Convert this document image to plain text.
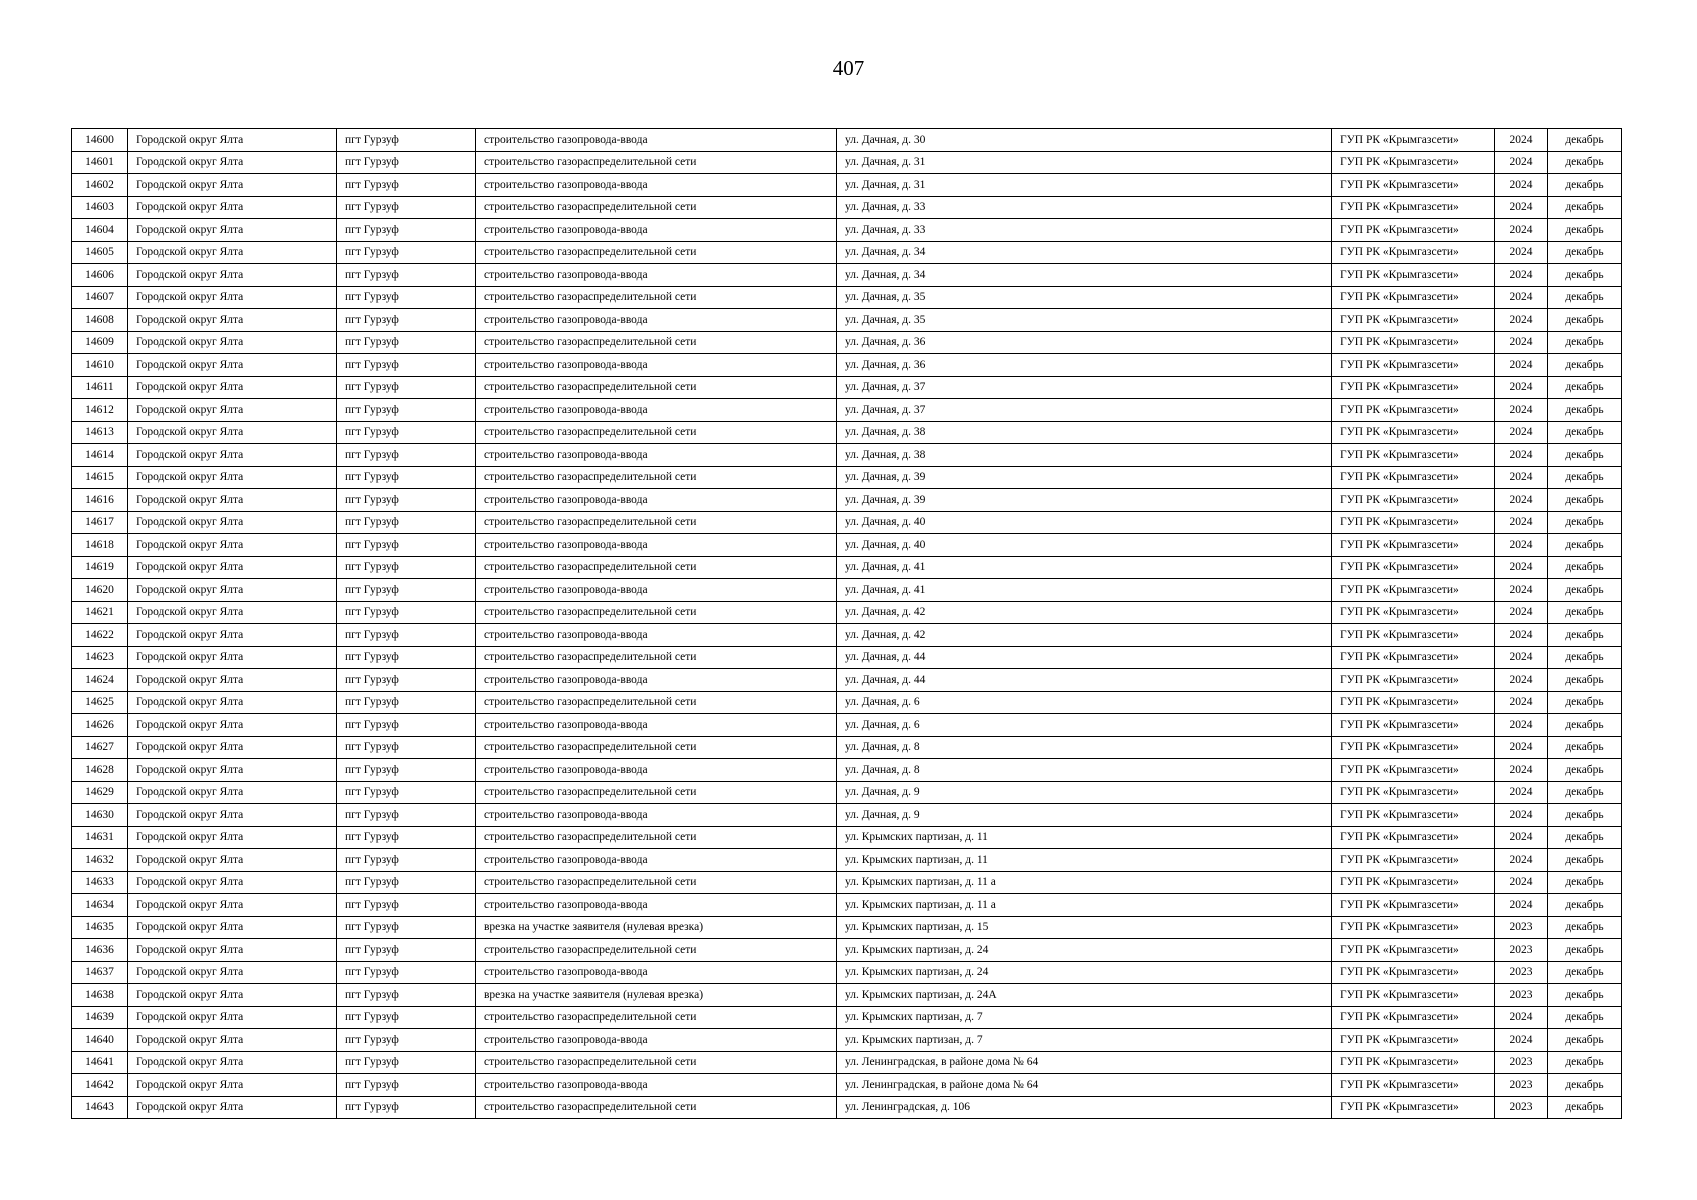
407
14600	Городской округ Ялта	пгт Гурзуф	строительство газопровода-ввода	ул. Дачная, д. 30	ГУП РК «Крымгазсети»	2024	декабрь
14601	Городской округ Ялта	пгт Гурзуф	строительство газораспределительной сети	ул. Дачная, д. 31	ГУП РК «Крымгазсети»	2024	декабрь
14602	Городской округ Ялта	пгт Гурзуф	строительство газопровода-ввода	ул. Дачная, д. 31	ГУП РК «Крымгазсети»	2024	декабрь
14603	Городской округ Ялта	пгт Гурзуф	строительство газораспределительной сети	ул. Дачная, д. 33	ГУП РК «Крымгазсети»	2024	декабрь
14604	Городской округ Ялта	пгт Гурзуф	строительство газопровода-ввода	ул. Дачная, д. 33	ГУП РК «Крымгазсети»	2024	декабрь
14605	Городской округ Ялта	пгт Гурзуф	строительство газораспределительной сети	ул. Дачная, д. 34	ГУП РК «Крымгазсети»	2024	декабрь
14606	Городской округ Ялта	пгт Гурзуф	строительство газопровода-ввода	ул. Дачная, д. 34	ГУП РК «Крымгазсети»	2024	декабрь
14607	Городской округ Ялта	пгт Гурзуф	строительство газораспределительной сети	ул. Дачная, д. 35	ГУП РК «Крымгазсети»	2024	декабрь
14608	Городской округ Ялта	пгт Гурзуф	строительство газопровода-ввода	ул. Дачная, д. 35	ГУП РК «Крымгазсети»	2024	декабрь
14609	Городской округ Ялта	пгт Гурзуф	строительство газораспределительной сети	ул. Дачная, д. 36	ГУП РК «Крымгазсети»	2024	декабрь
14610	Городской округ Ялта	пгт Гурзуф	строительство газопровода-ввода	ул. Дачная, д. 36	ГУП РК «Крымгазсети»	2024	декабрь
14611	Городской округ Ялта	пгт Гурзуф	строительство газораспределительной сети	ул. Дачная, д. 37	ГУП РК «Крымгазсети»	2024	декабрь
14612	Городской округ Ялта	пгт Гурзуф	строительство газопровода-ввода	ул. Дачная, д. 37	ГУП РК «Крымгазсети»	2024	декабрь
14613	Городской округ Ялта	пгт Гурзуф	строительство газораспределительной сети	ул. Дачная, д. 38	ГУП РК «Крымгазсети»	2024	декабрь
14614	Городской округ Ялта	пгт Гурзуф	строительство газопровода-ввода	ул. Дачная, д. 38	ГУП РК «Крымгазсети»	2024	декабрь
14615	Городской округ Ялта	пгт Гурзуф	строительство газораспределительной сети	ул. Дачная, д. 39	ГУП РК «Крымгазсети»	2024	декабрь
14616	Городской округ Ялта	пгт Гурзуф	строительство газопровода-ввода	ул. Дачная, д. 39	ГУП РК «Крымгазсети»	2024	декабрь
14617	Городской округ Ялта	пгт Гурзуф	строительство газораспределительной сети	ул. Дачная, д. 40	ГУП РК «Крымгазсети»	2024	декабрь
14618	Городской округ Ялта	пгт Гурзуф	строительство газопровода-ввода	ул. Дачная, д. 40	ГУП РК «Крымгазсети»	2024	декабрь
14619	Городской округ Ялта	пгт Гурзуф	строительство газораспределительной сети	ул. Дачная, д. 41	ГУП РК «Крымгазсети»	2024	декабрь
14620	Городской округ Ялта	пгт Гурзуф	строительство газопровода-ввода	ул. Дачная, д. 41	ГУП РК «Крымгазсети»	2024	декабрь
14621	Городской округ Ялта	пгт Гурзуф	строительство газораспределительной сети	ул. Дачная, д. 42	ГУП РК «Крымгазсети»	2024	декабрь
14622	Городской округ Ялта	пгт Гурзуф	строительство газопровода-ввода	ул. Дачная, д. 42	ГУП РК «Крымгазсети»	2024	декабрь
14623	Городской округ Ялта	пгт Гурзуф	строительство газораспределительной сети	ул. Дачная, д. 44	ГУП РК «Крымгазсети»	2024	декабрь
14624	Городской округ Ялта	пгт Гурзуф	строительство газопровода-ввода	ул. Дачная, д. 44	ГУП РК «Крымгазсети»	2024	декабрь
14625	Городской округ Ялта	пгт Гурзуф	строительство газораспределительной сети	ул. Дачная, д. 6	ГУП РК «Крымгазсети»	2024	декабрь
14626	Городской округ Ялта	пгт Гурзуф	строительство газопровода-ввода	ул. Дачная, д. 6	ГУП РК «Крымгазсети»	2024	декабрь
14627	Городской округ Ялта	пгт Гурзуф	строительство газораспределительной сети	ул. Дачная, д. 8	ГУП РК «Крымгазсети»	2024	декабрь
14628	Городской округ Ялта	пгт Гурзуф	строительство газопровода-ввода	ул. Дачная, д. 8	ГУП РК «Крымгазсети»	2024	декабрь
14629	Городской округ Ялта	пгт Гурзуф	строительство газораспределительной сети	ул. Дачная, д. 9	ГУП РК «Крымгазсети»	2024	декабрь
14630	Городской округ Ялта	пгт Гурзуф	строительство газопровода-ввода	ул. Дачная, д. 9	ГУП РК «Крымгазсети»	2024	декабрь
14631	Городской округ Ялта	пгт Гурзуф	строительство газораспределительной сети	ул. Крымских партизан, д. 11	ГУП РК «Крымгазсети»	2024	декабрь
14632	Городской округ Ялта	пгт Гурзуф	строительство газопровода-ввода	ул. Крымских партизан, д. 11	ГУП РК «Крымгазсети»	2024	декабрь
14633	Городской округ Ялта	пгт Гурзуф	строительство газораспределительной сети	ул. Крымских партизан, д. 11 а	ГУП РК «Крымгазсети»	2024	декабрь
14634	Городской округ Ялта	пгт Гурзуф	строительство газопровода-ввода	ул. Крымских партизан, д. 11 а	ГУП РК «Крымгазсети»	2024	декабрь
14635	Городской округ Ялта	пгт Гурзуф	врезка на участке заявителя (нулевая врезка)	ул. Крымских партизан, д. 15	ГУП РК «Крымгазсети»	2023	декабрь
14636	Городской округ Ялта	пгт Гурзуф	строительство газораспределительной сети	ул. Крымских партизан, д. 24	ГУП РК «Крымгазсети»	2023	декабрь
14637	Городской округ Ялта	пгт Гурзуф	строительство газопровода-ввода	ул. Крымских партизан, д. 24	ГУП РК «Крымгазсети»	2023	декабрь
14638	Городской округ Ялта	пгт Гурзуф	врезка на участке заявителя (нулевая врезка)	ул. Крымских партизан, д. 24А	ГУП РК «Крымгазсети»	2023	декабрь
14639	Городской округ Ялта	пгт Гурзуф	строительство газораспределительной сети	ул. Крымских партизан, д. 7	ГУП РК «Крымгазсети»	2024	декабрь
14640	Городской округ Ялта	пгт Гурзуф	строительство газопровода-ввода	ул. Крымских партизан, д. 7	ГУП РК «Крымгазсети»	2024	декабрь
14641	Городской округ Ялта	пгт Гурзуф	строительство газораспределительной сети	ул. Ленинградская, в районе дома № 64	ГУП РК «Крымгазсети»	2023	декабрь
14642	Городской округ Ялта	пгт Гурзуф	строительство газопровода-ввода	ул. Ленинградская, в районе дома № 64	ГУП РК «Крымгазсети»	2023	декабрь
14643	Городской округ Ялта	пгт Гурзуф	строительство газораспределительной сети	ул. Ленинградская, д. 106	ГУП РК «Крымгазсети»	2023	декабрь
